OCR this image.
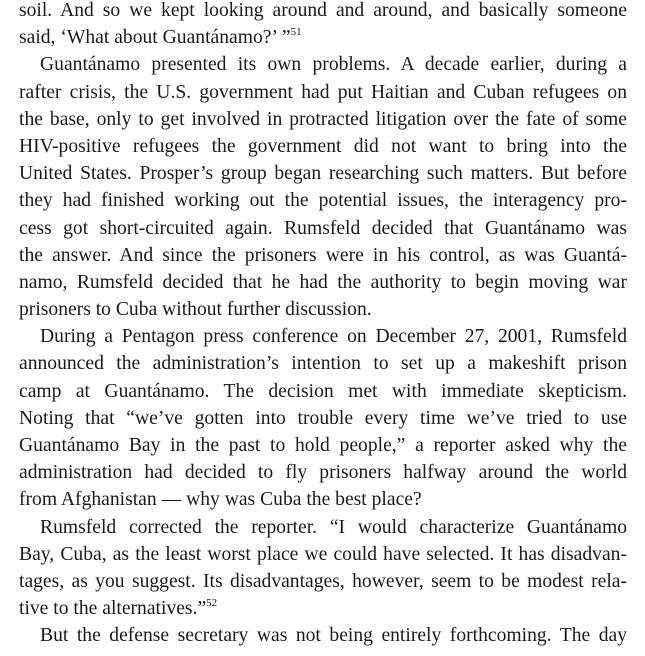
soil. And so we kept looking around and around, and basically someone
said, ‘What about Guantánamo?’ ”$^{51}$
Guantánamo presented its own problems. A decade earlier, during a
rafter crisis, the U.S. government had put Haitian and Cuban refugees on
the base, only to get involved in protracted litigation over the fate of some
HIV-positive refugees the government did not want to bring into the
United States. Prosper’s group began researching such matters. But before
they had finished working out the potential issues, the interagency pro-
cess got short-circuited again. Rumsfeld decided that Guantánamo was
the answer. And since the prisoners were in his control, as was Guantá-
namo, Rumsfeld decided that he had the authority to begin moving war
prisoners to Cuba without further discussion.
During a Pentagon press conference on December 27, 2001, Rumsfeld
announced the administration’s intention to set up a makeshift prison
camp at Guantánamo. The decision met with immediate skepticism.
Noting that “we’ve gotten into trouble every time we’ve tried to use
Guantánamo Bay in the past to hold people,” a reporter asked why the
administration had decided to fly prisoners halfway around the world
from Afghanistan — why was Cuba the best place?
Rumsfeld corrected the reporter. “I would characterize Guantánamo
Bay, Cuba, as the least worst place we could have selected. It has disadvan-
tages, as you suggest. Its disadvantages, however, seem to be modest rela-
tive to the alternatives.”$^{52}$
But the defense secretary was not being entirely forthcoming. The day
